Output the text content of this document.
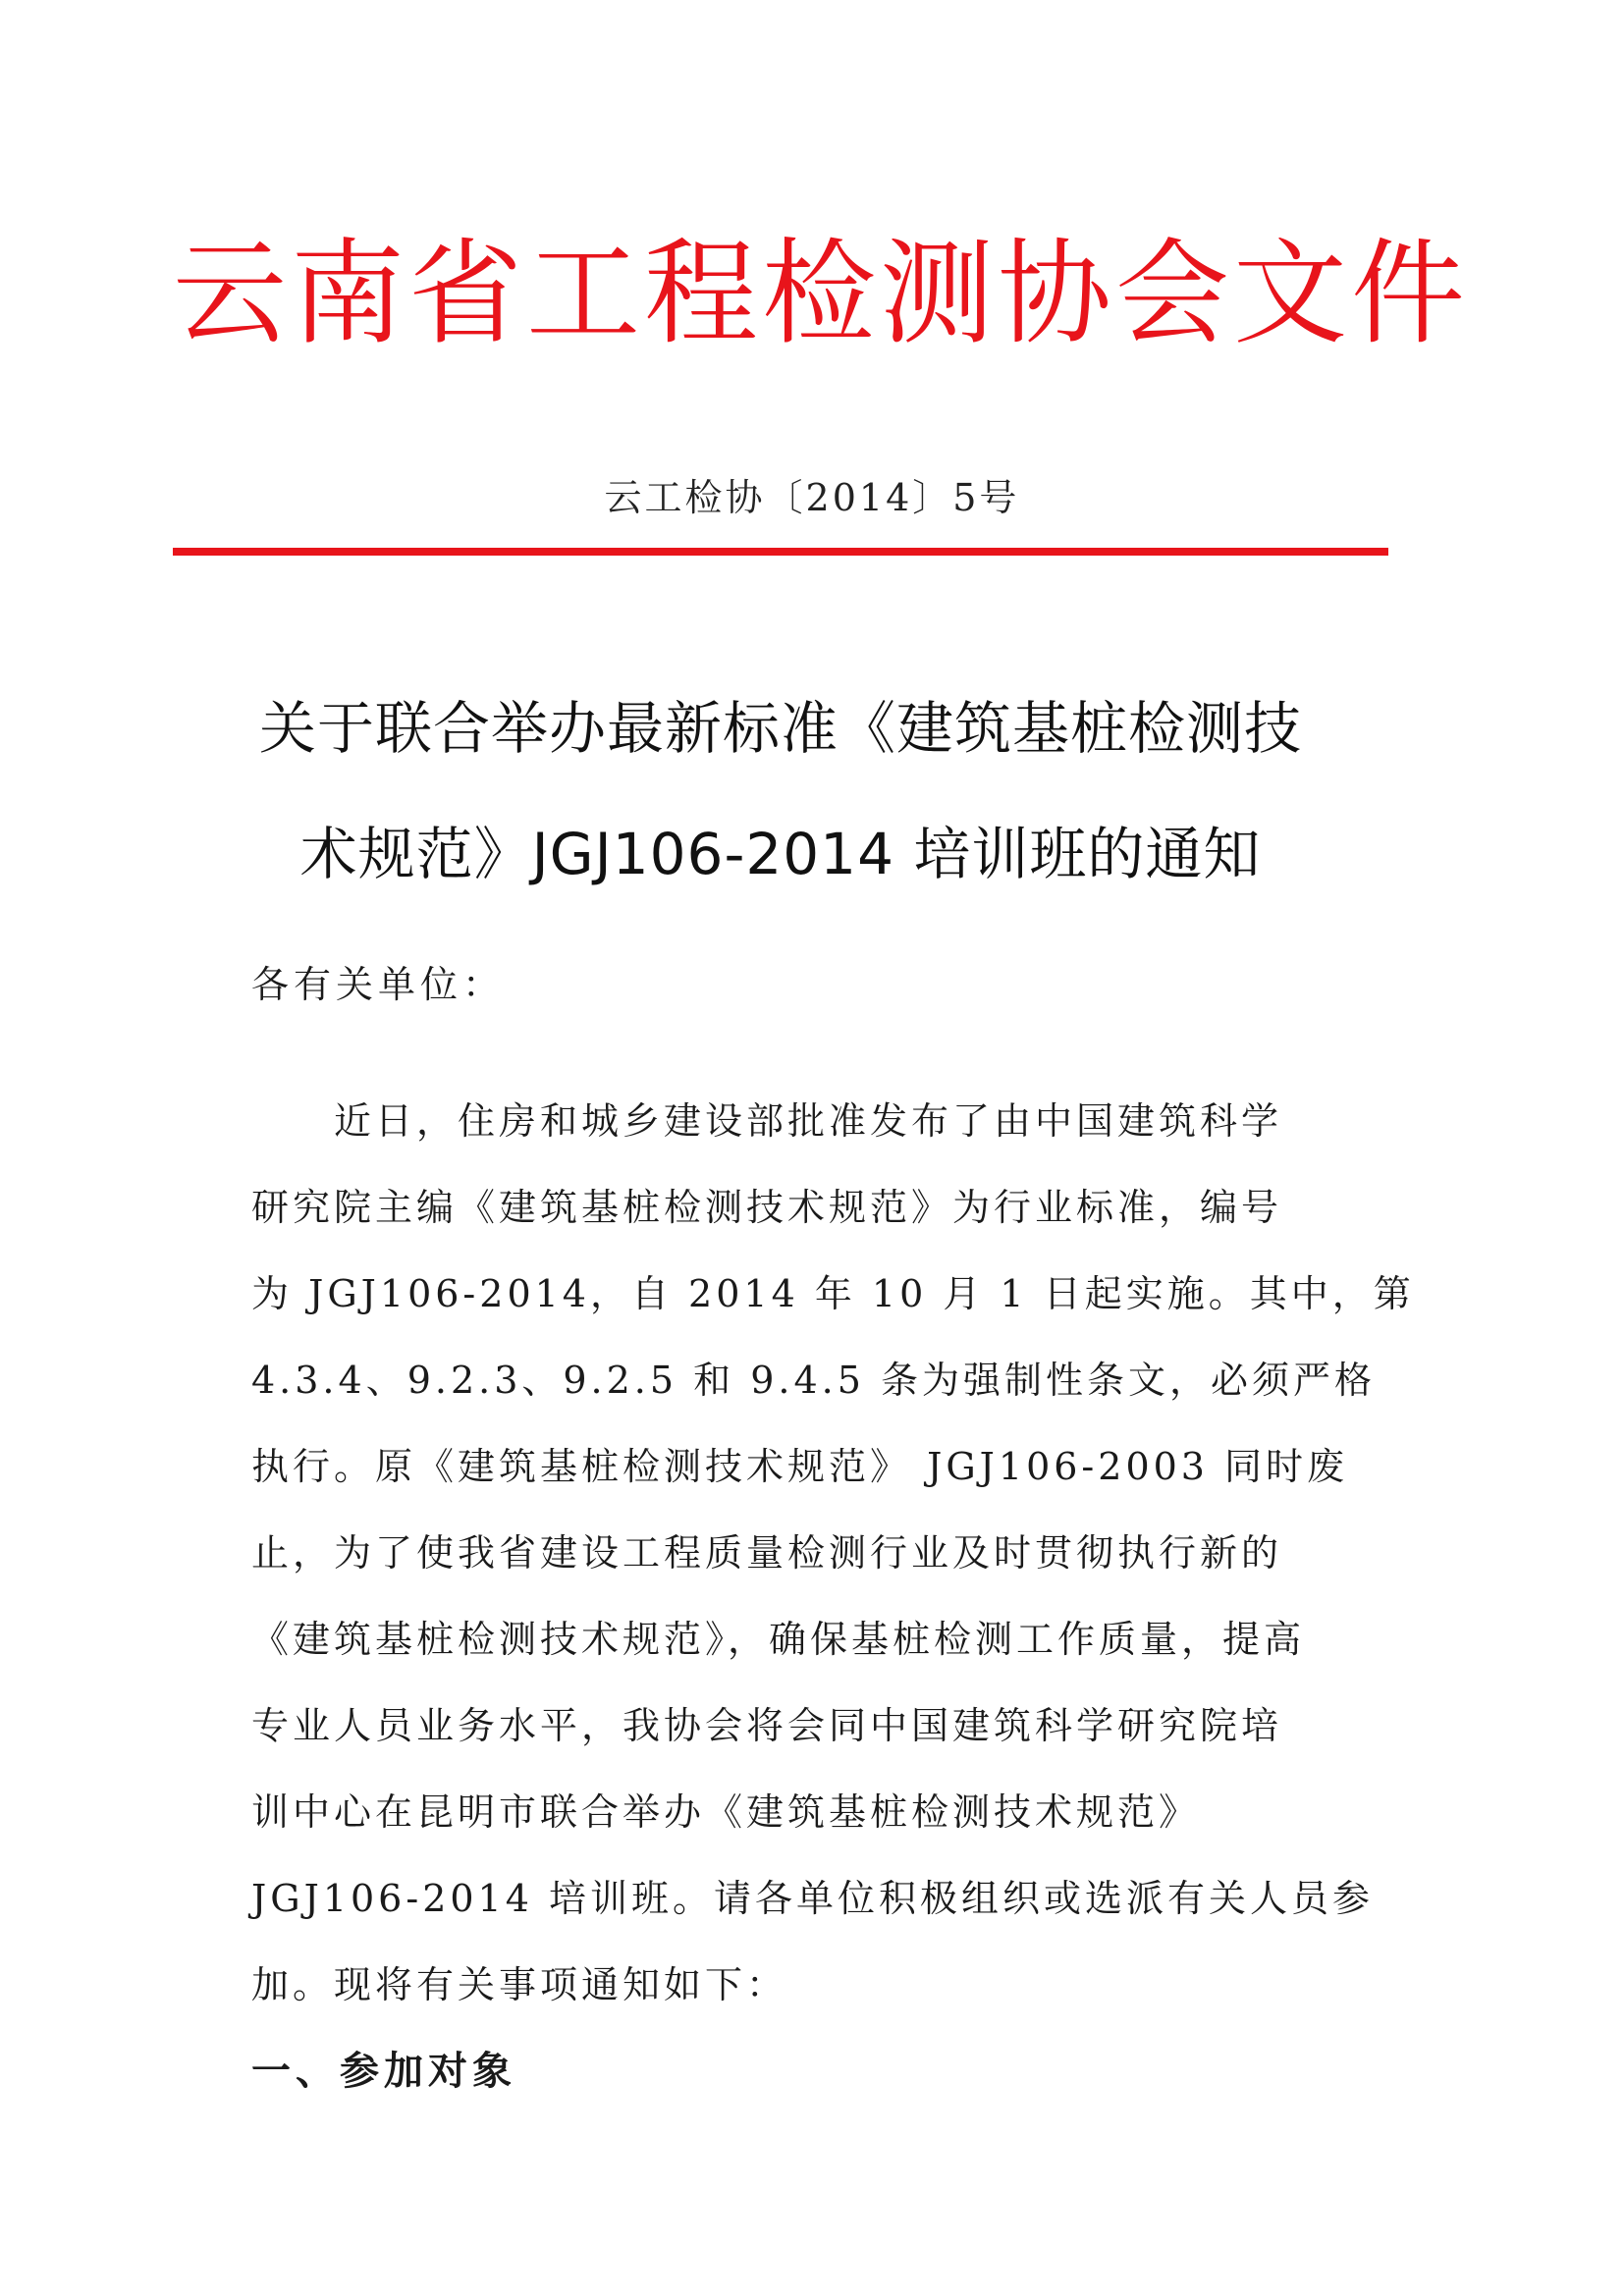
云南省工程检测协会文件
云工检协〔2014〕5号
关于联合举办最新标准《建筑基桩检测技
术规范》JGJ106-2014 培训班的通知
各有关单位：
　　近日，住房和城乡建设部批准发布了由中国建筑科学
研究院主编《建筑基桩检测技术规范》为行业标准，编号
为 JGJ106-2014，自 2014 年 10 月 1 日起实施。其中，第
4.3.4、9.2.3、9.2.5 和 9.4.5 条为强制性条文，必须严格
执行。原《建筑基桩检测技术规范》 JGJ106-2003 同时废
止，为了使我省建设工程质量检测行业及时贯彻执行新的
《建筑基桩检测技术规范》，确保基桩检测工作质量，提高
专业人员业务水平，我协会将会同中国建筑科学研究院培
训中心在昆明市联合举办《建筑基桩检测技术规范》
JGJ106-2014 培训班。请各单位积极组织或选派有关人员参
加。现将有关事项通知如下：
一、参加对象
